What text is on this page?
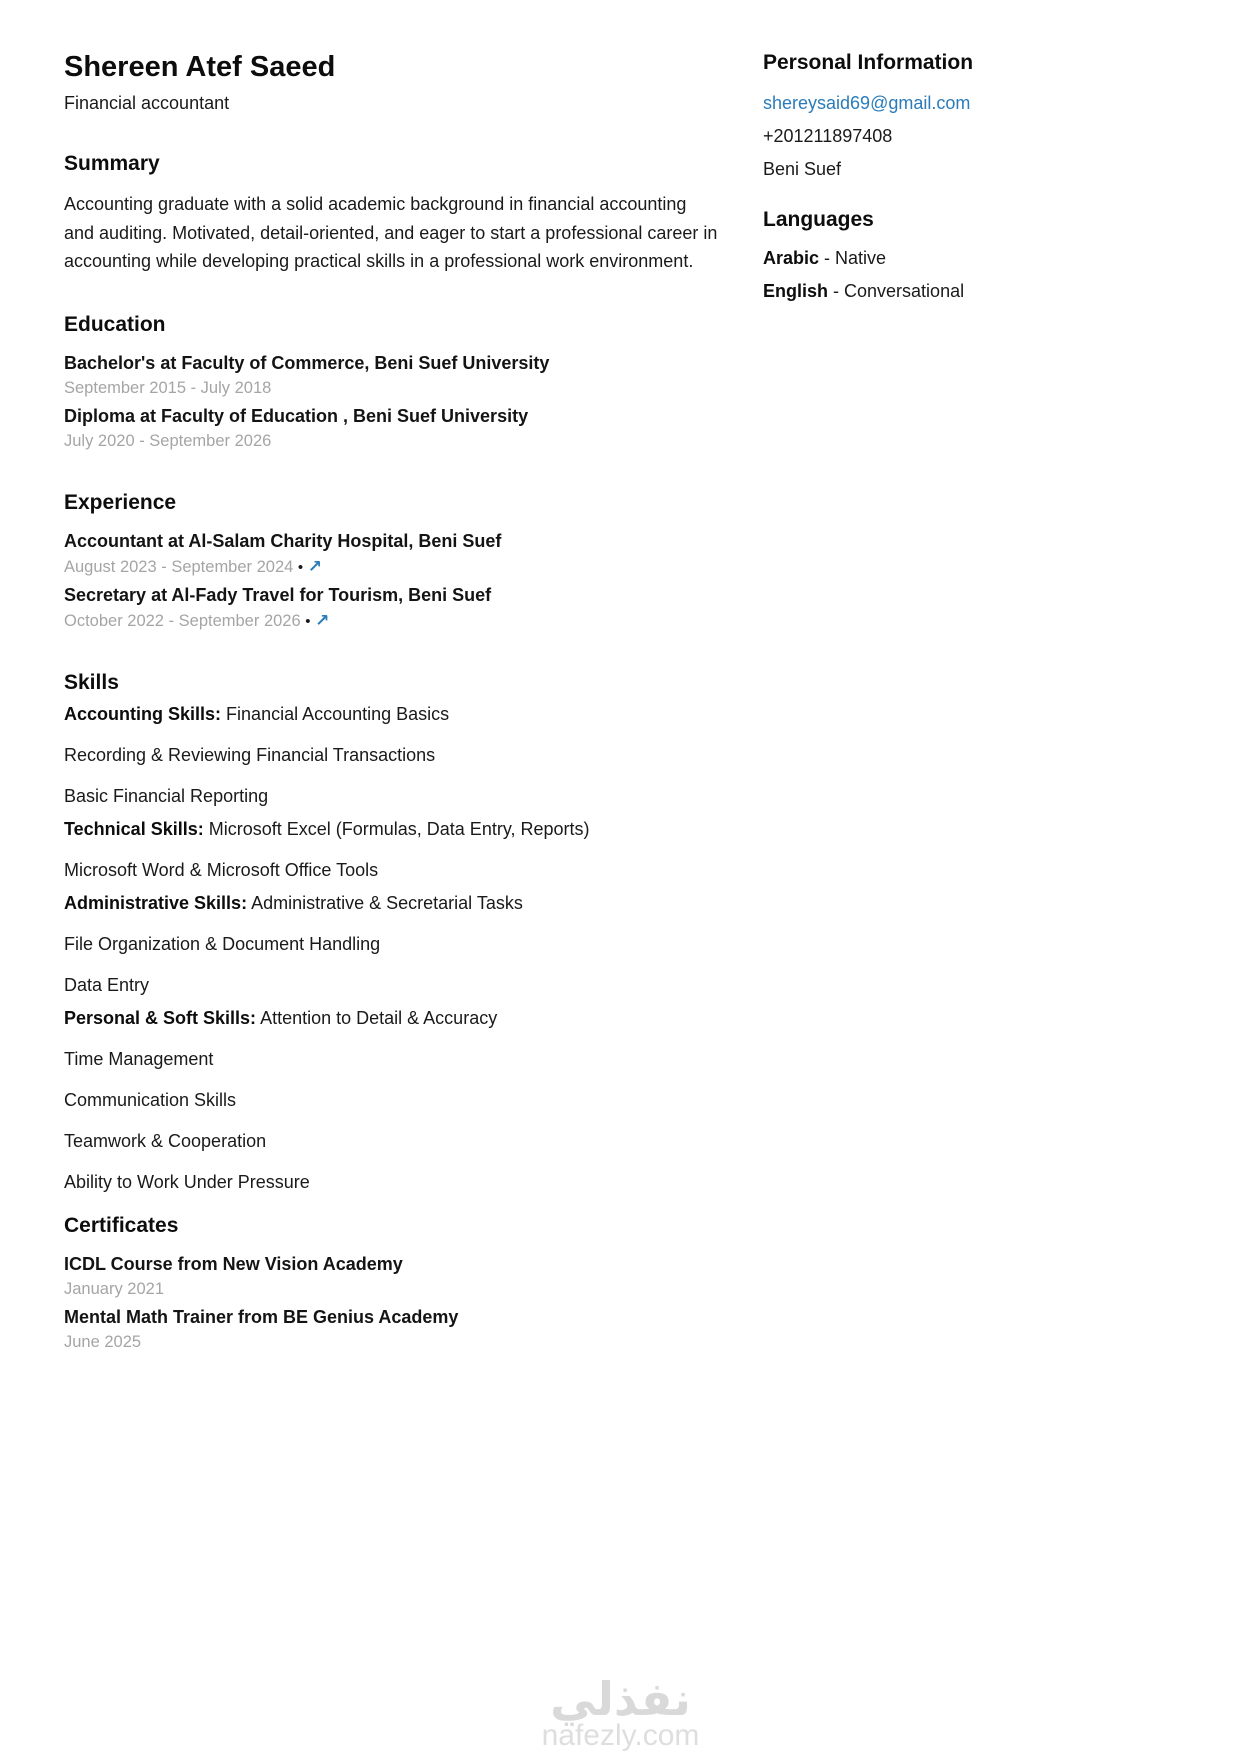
Shereen Atef Saeed
Financial accountant
Summary

Accounting graduate with a solid academic background in financial accounting and auditing. Motivated, detail-oriented, and eager to start a professional career in accounting while developing practical skills in a professional work environment.

Education
Bachelor's at Faculty of Commerce, Beni Suef University
September 2015 - July 2018
Diploma at Faculty of Education , Beni Suef University
July 2020 - September 2026
Experience
Accountant at Al-Salam Charity Hospital, Beni Suef
August 2023 - September 2024 • ↗
Secretary at Al-Fady Travel for Tourism, Beni Suef
October 2022 - September 2026 • ↗
Skills
Accounting Skills: Financial Accounting Basics
Recording & Reviewing Financial Transactions
Basic Financial Reporting
Technical Skills: Microsoft Excel (Formulas, Data Entry, Reports)
Microsoft Word & Microsoft Office Tools
Administrative Skills: Administrative & Secretarial Tasks
File Organization & Document Handling
Data Entry
Personal & Soft Skills: Attention to Detail & Accuracy
Time Management
Communication Skills
Teamwork & Cooperation
Ability to Work Under Pressure
Certificates
ICDL Course from New Vision Academy
January 2021
Mental Math Trainer from BE Genius Academy
June 2025
Personal Information
shereysaid69@gmail.com
+201211897408
Beni Suef
Languages
Arabic - Native
English - Conversational
نفذلي
nafezly.com
